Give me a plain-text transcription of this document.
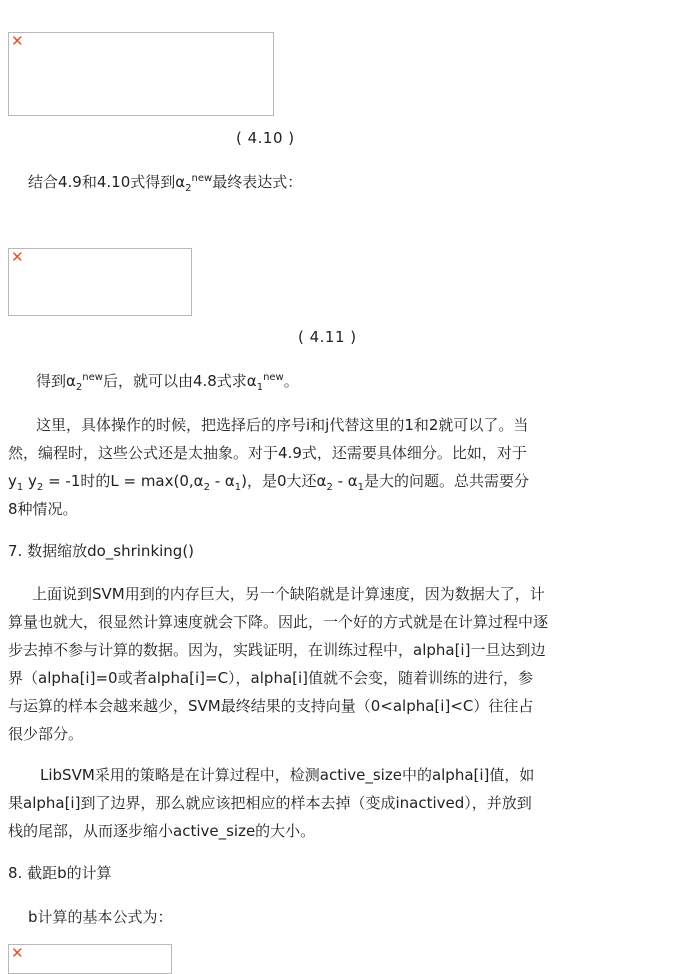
✕
( 4.10 )

结合4.9和4.10式得到$\alpha_2^{new}$最终表达式：

✕
( 4.11 )

得到$\alpha_2^{new}$后，就可以由4.8式求$\alpha_1^{new}$。

这里，具体操作的时候，把选择后的序号i和j代替这里的1和2就可以了。当
然，编程时，这些公式还是太抽象。对于4.9式，还需要具体细分。比如，对于
$y_1$ $y_2 = -1$时的$L = \max(0,\alpha_2 - \alpha_1)$，是0大还$\alpha_2 - \alpha_1$是大的问题。总共需要分
8种情况。

7. 数据缩放do_shrinking()

上面说到SVM用到的内存巨大，另一个缺陷就是计算速度，因为数据大了，计
算量也就大，很显然计算速度就会下降。因此，一个好的方式就是在计算过程中逐
步去掉不参与计算的数据。因为，实践证明，在训练过程中，alpha[i]一旦达到边
界（alpha[i]=0或者alpha[i]=C），alpha[i]值就不会变，随着训练的进行，参
与运算的样本会越来越少，SVM最终结果的支持向量（0<alpha[i]<C）往往占
很少部分。
LibSVM采用的策略是在计算过程中，检测active_size中的alpha[i]值，如
果alpha[i]到了边界，那么就应该把相应的样本去掉（变成inactived），并放到
栈的尾部，从而逐步缩小active_size的大小。

8. 截距b的计算

b计算的基本公式为：

✕
